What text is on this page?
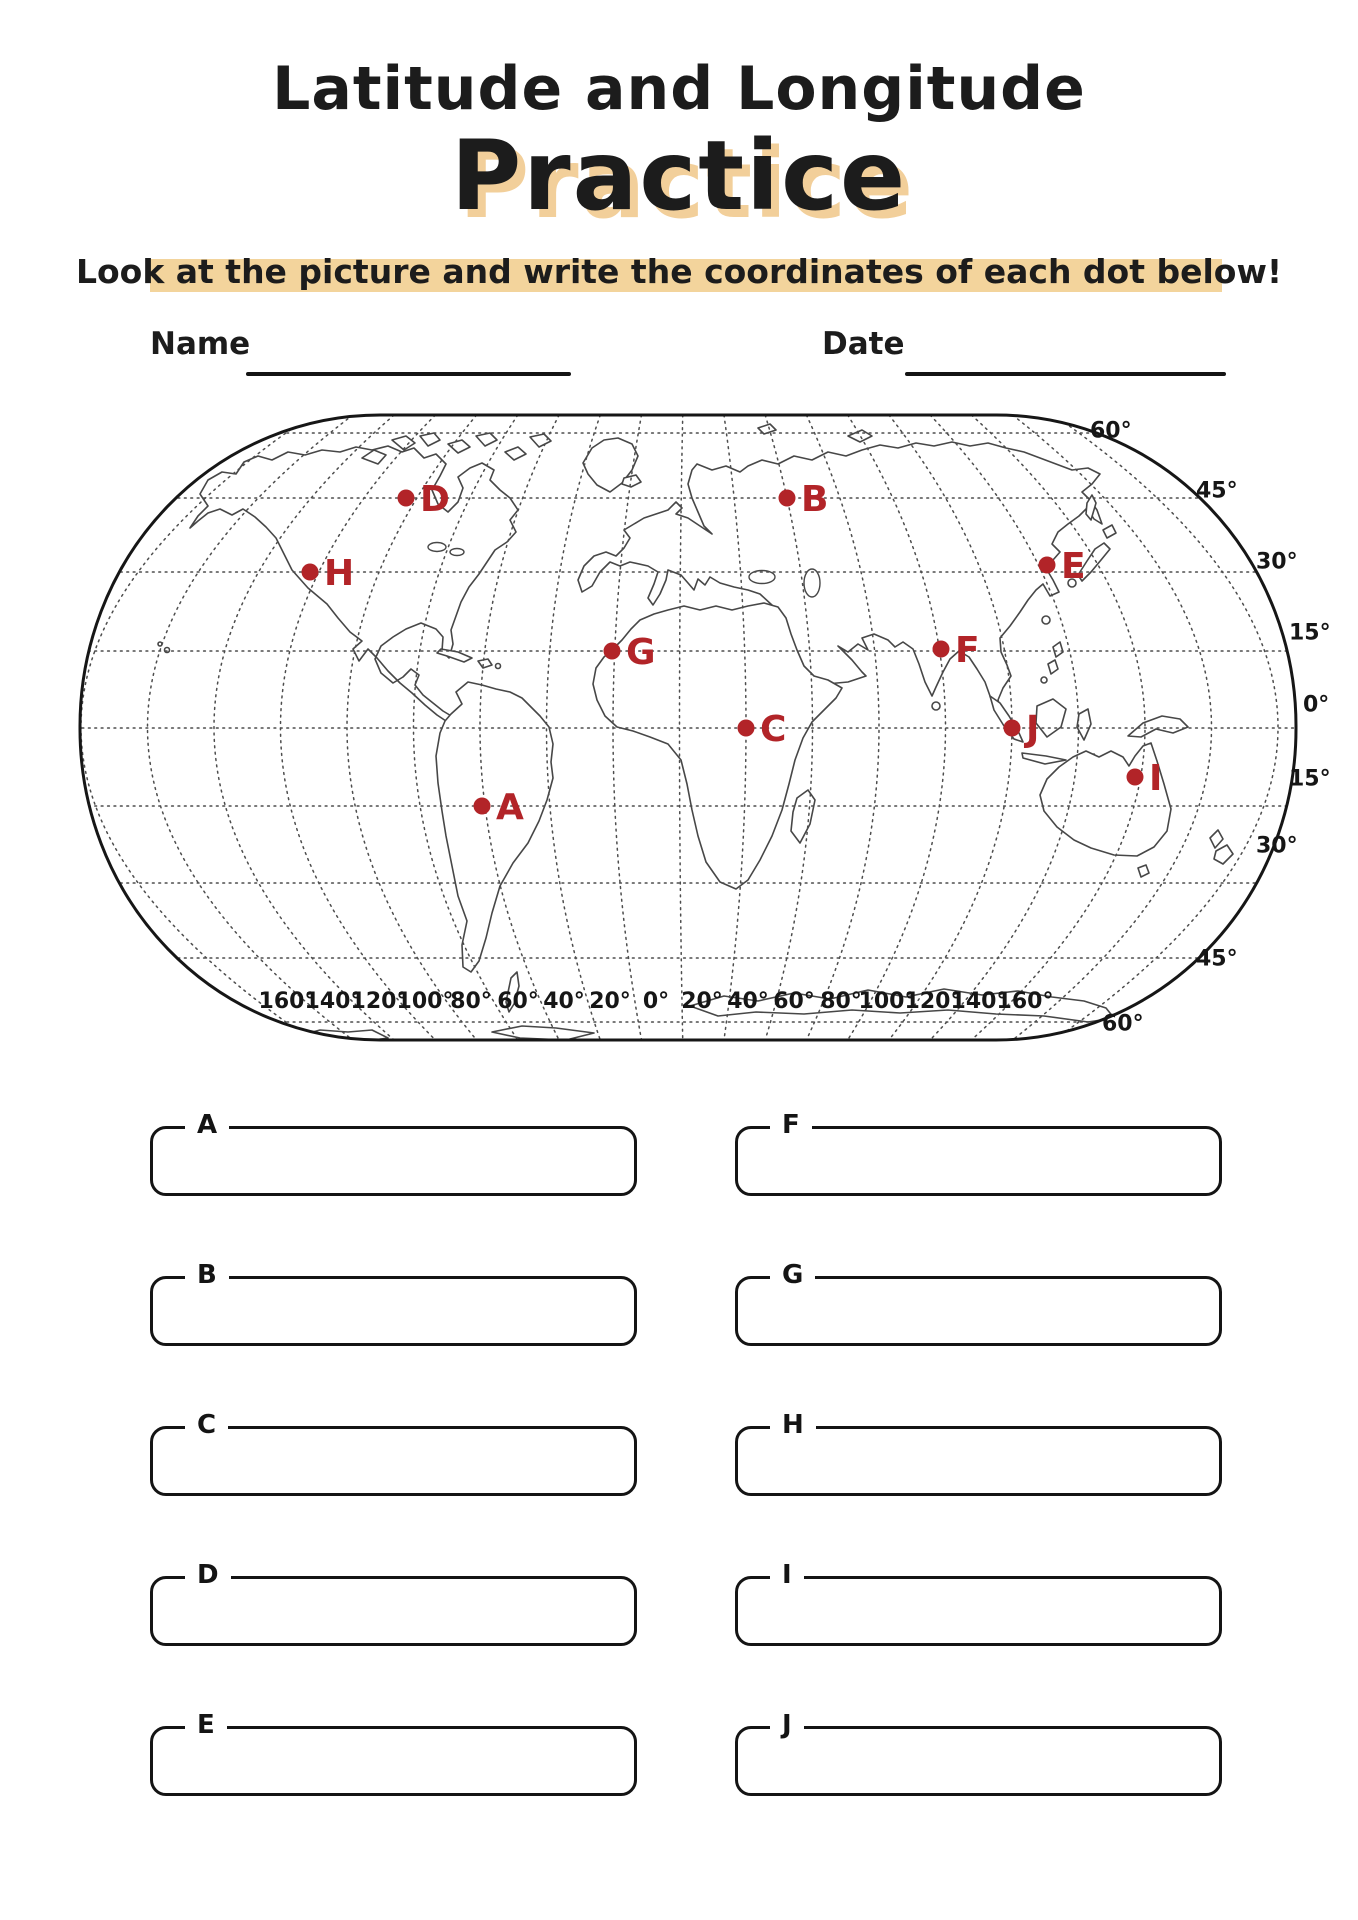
Latitude and Longitude
Practice
Look at the picture and write the coordinates of each dot below!
Name	Date
60°
45°
30°
15°
0°
15°
30°
45°
60°
160°
140°
120°
100°
80° 60° 40° 20° 0° 20° 40° 60° 80°
100°
120°
140°
160°
A
B
C
D
E
F
G
H
I
J
A
B
C
D
E
F
G
H
I
J
